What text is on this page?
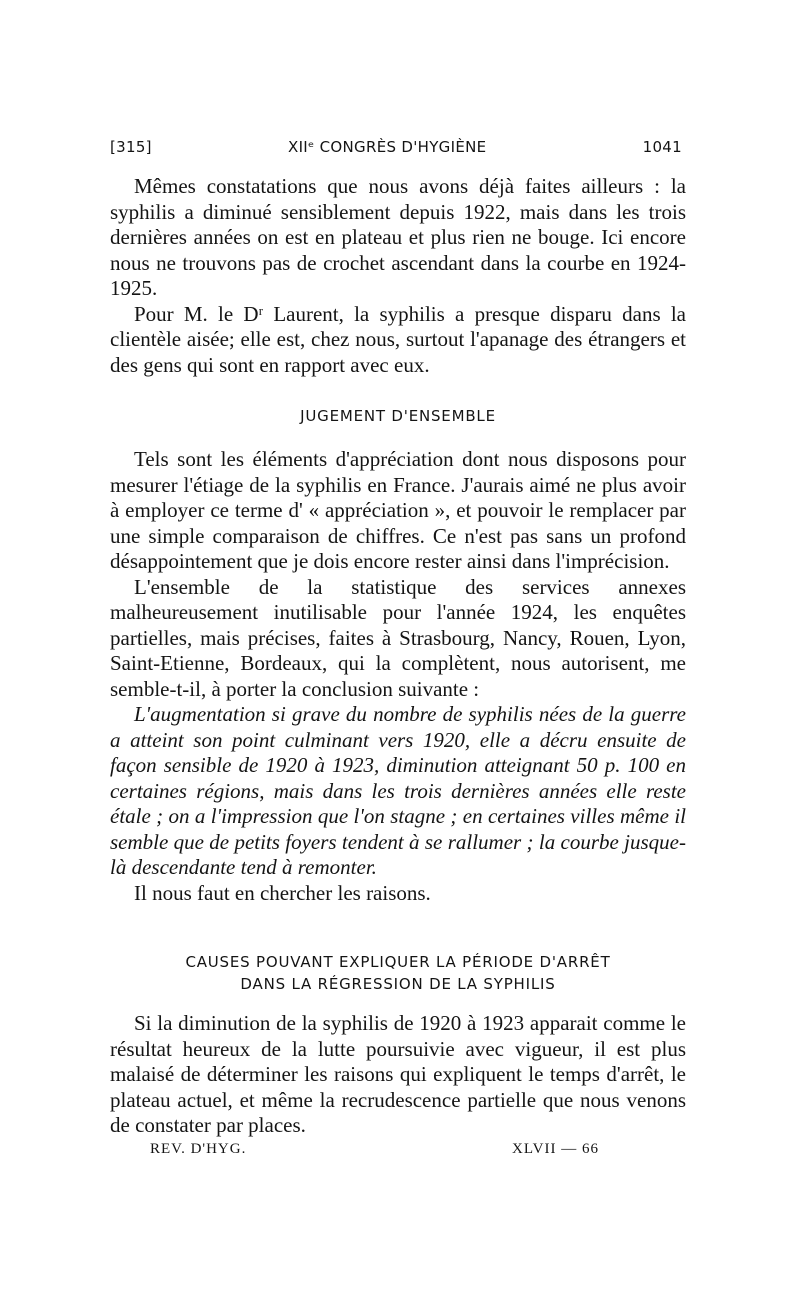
[315]	XIIᵉ CONGRÈS D'HYGIÈNE	1041

Mêmes constatations que nous avons déjà faites ailleurs : la syphilis a diminué sensiblement depuis 1922, mais dans les trois dernières années on est en plateau et plus rien ne bouge. Ici encore nous ne trouvons pas de crochet ascendant dans la courbe en 1924-1925.

Pour M. le Dʳ Laurent, la syphilis a presque disparu dans la clientèle aisée; elle est, chez nous, surtout l'apanage des étrangers et des gens qui sont en rapport avec eux.

JUGEMENT D'ENSEMBLE

Tels sont les éléments d'appréciation dont nous disposons pour mesurer l'étiage de la syphilis en France. J'aurais aimé ne plus avoir à employer ce terme d' « appréciation », et pouvoir le remplacer par une simple comparaison de chiffres. Ce n'est pas sans un profond désappointement que je dois encore rester ainsi dans l'imprécision.

L'ensemble de la statistique des services annexes malheureusement inutilisable pour l'année 1924, les enquêtes partielles, mais précises, faites à Strasbourg, Nancy, Rouen, Lyon, Saint-Etienne, Bordeaux, qui la complètent, nous autorisent, me semble-t-il, à porter la conclusion suivante :

L'augmentation si grave du nombre de syphilis nées de la guerre a atteint son point culminant vers 1920, elle a décru ensuite de façon sensible de 1920 à 1923, diminution atteignant 50 p. 100 en certaines régions, mais dans les trois dernières années elle reste étale ; on a l'impression que l'on stagne ; en certaines villes même il semble que de petits foyers tendent à se rallumer ; la courbe jusque-là descendante tend à remonter.

Il nous faut en chercher les raisons.

CAUSES POUVANT EXPLIQUER LA PÉRIODE D'ARRÊT
DANS LA RÉGRESSION DE LA SYPHILIS

Si la diminution de la syphilis de 1920 à 1923 apparait comme le résultat heureux de la lutte poursuivie avec vigueur, il est plus malaisé de déterminer les raisons qui expliquent le temps d'arrêt, le plateau actuel, et même la recrudescence partielle que nous venons de constater par places.

REV. D'HYG.	XLVII — 66
